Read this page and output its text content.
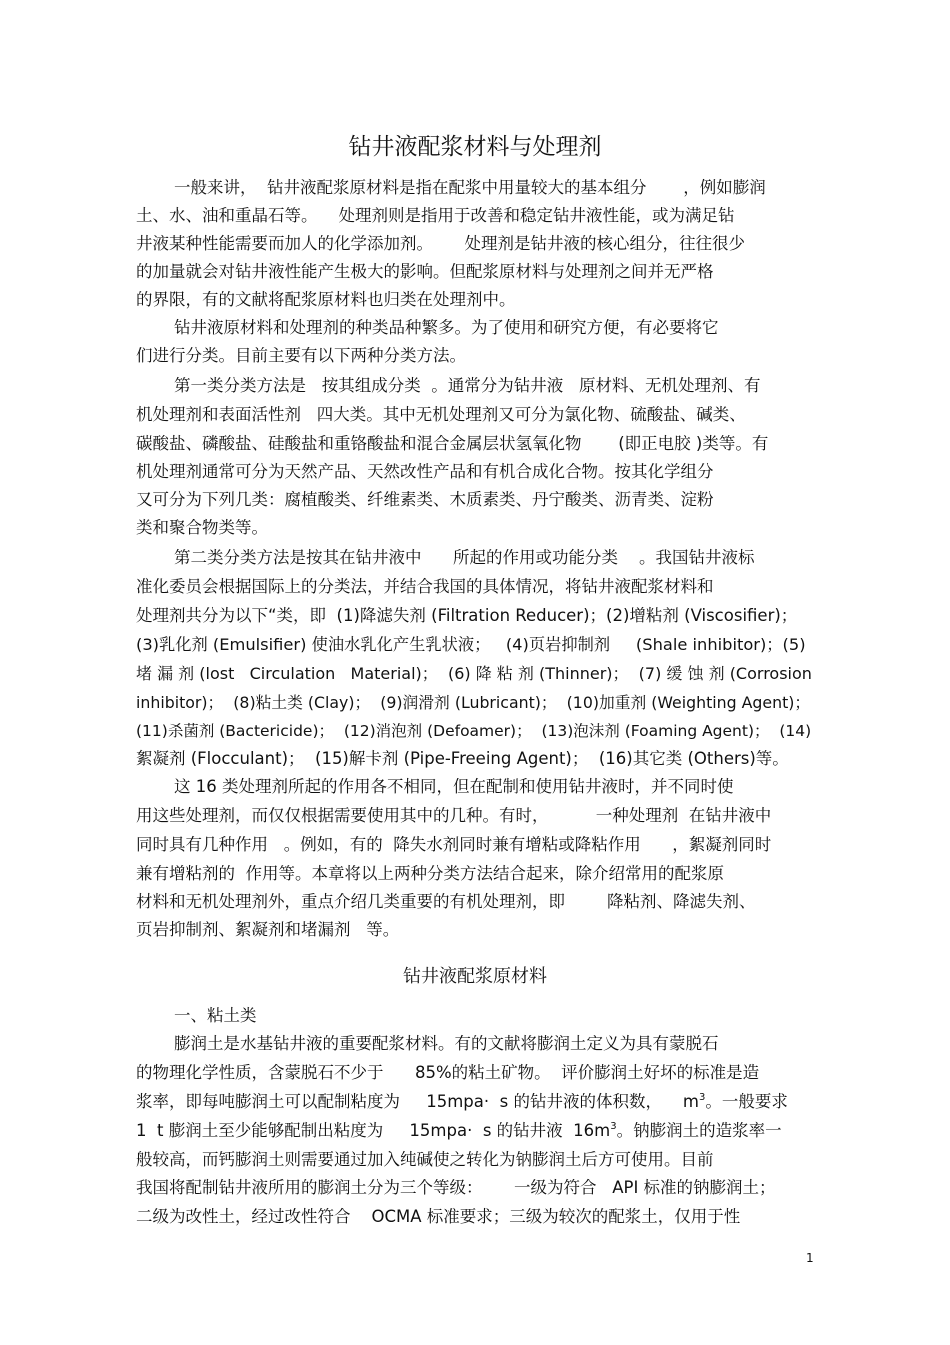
钻井液配浆材料与处理剂
一般来讲，  钻井液配浆原材料是指在配浆中用量较大的基本组分       ，例如膨润
土、水、油和重晶石等。    处理剂则是指用于改善和稳定钻井液性能，或为满足钻
井液某种性能需要而加人的化学添加剂。      处理剂是钻井液的核心组分，往往很少
的加量就会对钻井液性能产生极大的影响。但配浆原材料与处理剂之间并无严格
的界限，有的文献将配浆原材料也归类在处理剂中。
钻井液原材料和处理剂的种类品种繁多。为了使用和研究方便，有必要将它
们进行分类。目前主要有以下两种分类方法。
第一类分类方法是   按其组成分类  。通常分为钻井液   原材料、无机处理剂、有
机处理剂和表面活性剂   四大类。其中无机处理剂又可分为氯化物、硫酸盐、碱类、
碳酸盐、磷酸盐、硅酸盐和重铬酸盐和混合金属层状氢氧化物       (即正电胶 )类等。有
机处理剂通常可分为天然产品、天然改性产品和有机合成化合物。按其化学组分
又可分为下列几类：腐植酸类、纤维素类、木质素类、丹宁酸类、沥青类、淀粉
类和聚合物类等。
第二类分类方法是按其在钻井液中      所起的作用或功能分类    。我国钻井液标
准化委员会根据国际上的分类法，并结合我国的具体情况，将钻井液配浆材料和
处理剂共分为以下“类，即  (1)降滤失剂 (Filtration Reducer)；(2)增粘剂 (Viscosifier)；
(3)乳化剂 (Emulsifier) 使油水乳化产生乳状液；   (4)页岩抑制剂     (Shale inhibitor)；(5)
堵 漏 剂 (lost   Circulation   Material)；  (6) 降 粘 剂 (Thinner)；  (7) 缓 蚀 剂 (Corrosion
inhibitor)；  (8)粘土类 (Clay)；  (9)润滑剂 (Lubricant)；  (10)加重剂 (Weighting Agent)；
(11)杀菌剂 (Bactericide)；  (12)消泡剂 (Defoamer)；  (13)泡沫剂 (Foaming Agent)；  (14)
絮凝剂 (Flocculant)；  (15)解卡剂 (Pipe-Freeing Agent)；  (16)其它类 (Others)等。
这 16 类处理剂所起的作用各不相同，但在配制和使用钻井液时，并不同时使
用这些处理剂，而仅仅根据需要使用其中的几种。有时，         一种处理剂  在钻井液中
同时具有几种作用   。例如，有的  降失水剂同时兼有增粘或降粘作用      ，絮凝剂同时
兼有增粘剂的  作用等。本章将以上两种分类方法结合起来，除介绍常用的配浆原
材料和无机处理剂外，重点介绍几类重要的有机处理剂，即        降粘剂、降滤失剂、
页岩抑制剂、絮凝剂和堵漏剂   等。
钻井液配浆原材料
一、粘土类
膨润土是水基钻井液的重要配浆材料。有的文献将膨润土定义为具有蒙脱石
的物理化学性质，含蒙脱石不少于      85%的粘土矿物。  评价膨润土好坏的标准是造
浆率，即每吨膨润土可以配制粘度为     15mpa·  s 的钻井液的体积数，    $m^3$。一般要求
1  t 膨润土至少能够配制出粘度为     15mpa·  s 的钻井液  $16m^3$。钠膨润土的造浆率一
般较高，而钙膨润土则需要通过加入纯碱使之转化为钠膨润土后方可使用。目前
我国将配制钻井液所用的膨润土分为三个等级：      一级为符合   API 标准的钠膨润土；
二级为改性土，经过改性符合    OCMA 标准要求；三级为较次的配浆土，仅用于性
1
